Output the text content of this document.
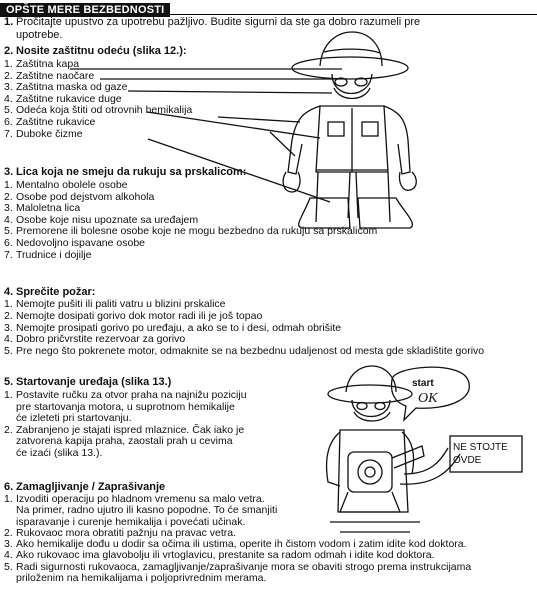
OPŠTE MERE BEZBEDNOSTI
1. Pročitajte upustvo za upotrebu pažljivo. Budite sigurni da ste ga dobro razumeli pre
upotrebe.
2. Nosite zaštitnu odeću (slika 12.):
1. Zaštitna kapa
2. Zaštitne naočare
3. Zaštitna maska od gaze
4. Zaštitne rukavice duge
5. Odeća koja štiti od otrovnih hemikalija
6. Zaštitne rukavice
7. Duboke čizme
3. Lica koja ne smeju da rukuju sa prskalicom:
1. Mentalno obolele osobe
2. Osobe pod dejstvom alkohola
3. Maloletna lica
4. Osobe koje nisu upoznate sa uređajem
5. Premorene ili bolesne osobe koje ne mogu bezbedno da rukuju sa prskalicom
6. Nedovoljno ispavane osobe
7. Trudnice i dojilje
4. Sprečite požar:
1. Nemojte pušiti ili paliti vatru u blizini prskalice
2. Nemojte dosipati gorivo dok motor radi ili je još topao
3. Nemojte prosipati gorivo po uređaju, a ako se to i desi, odmah obrišite
4. Dobro pričvrstite rezervoar za gorivo
5. Pre nego što pokrenete motor, odmaknite se na bezbednu udaljenost od mesta gde skladištite gorivo
5. Startovanje uređaja (slika 13.)
1. Postavite ručku za otvor praha na najnižu poziciju
pre startovanja motora, u suprotnom hemikalije
će izleteti pri startovanju.
2. Zabranjeno je stajati ispred mlaznice. Čak iako je
zatvorena kapija praha, zaostali prah u cevima
će izaći (slika 13.).
6. Zamagljivanje / Zaprašivanje
1. Izvoditi operaciju po hladnom vremenu sa malo vetra.
Na primer, radno ujutro ili kasno popodne. To će smanjiti
isparavanje i curenje hemikalija i povećati učinak.
2. Rukovaoc mora obratiti pažnju na pravac vetra.
3. Ako hemikalije dođu u dodir sa očima ili ustima, operite ih čistom vodom i zatim idite kod doktora.
4. Ako rukovaoc ima glavobolju ili vrtoglavicu, prestanite sa radom odmah i idite kod doktora.
5. Radi sigurnosti rukovaoca, zamagljivanje/zaprašivanje mora se obaviti strogo prema instrukcijama
priloženim na hemikalijama i poljoprivrednim merama.
start
OK
NE STOJTE
OVDE
